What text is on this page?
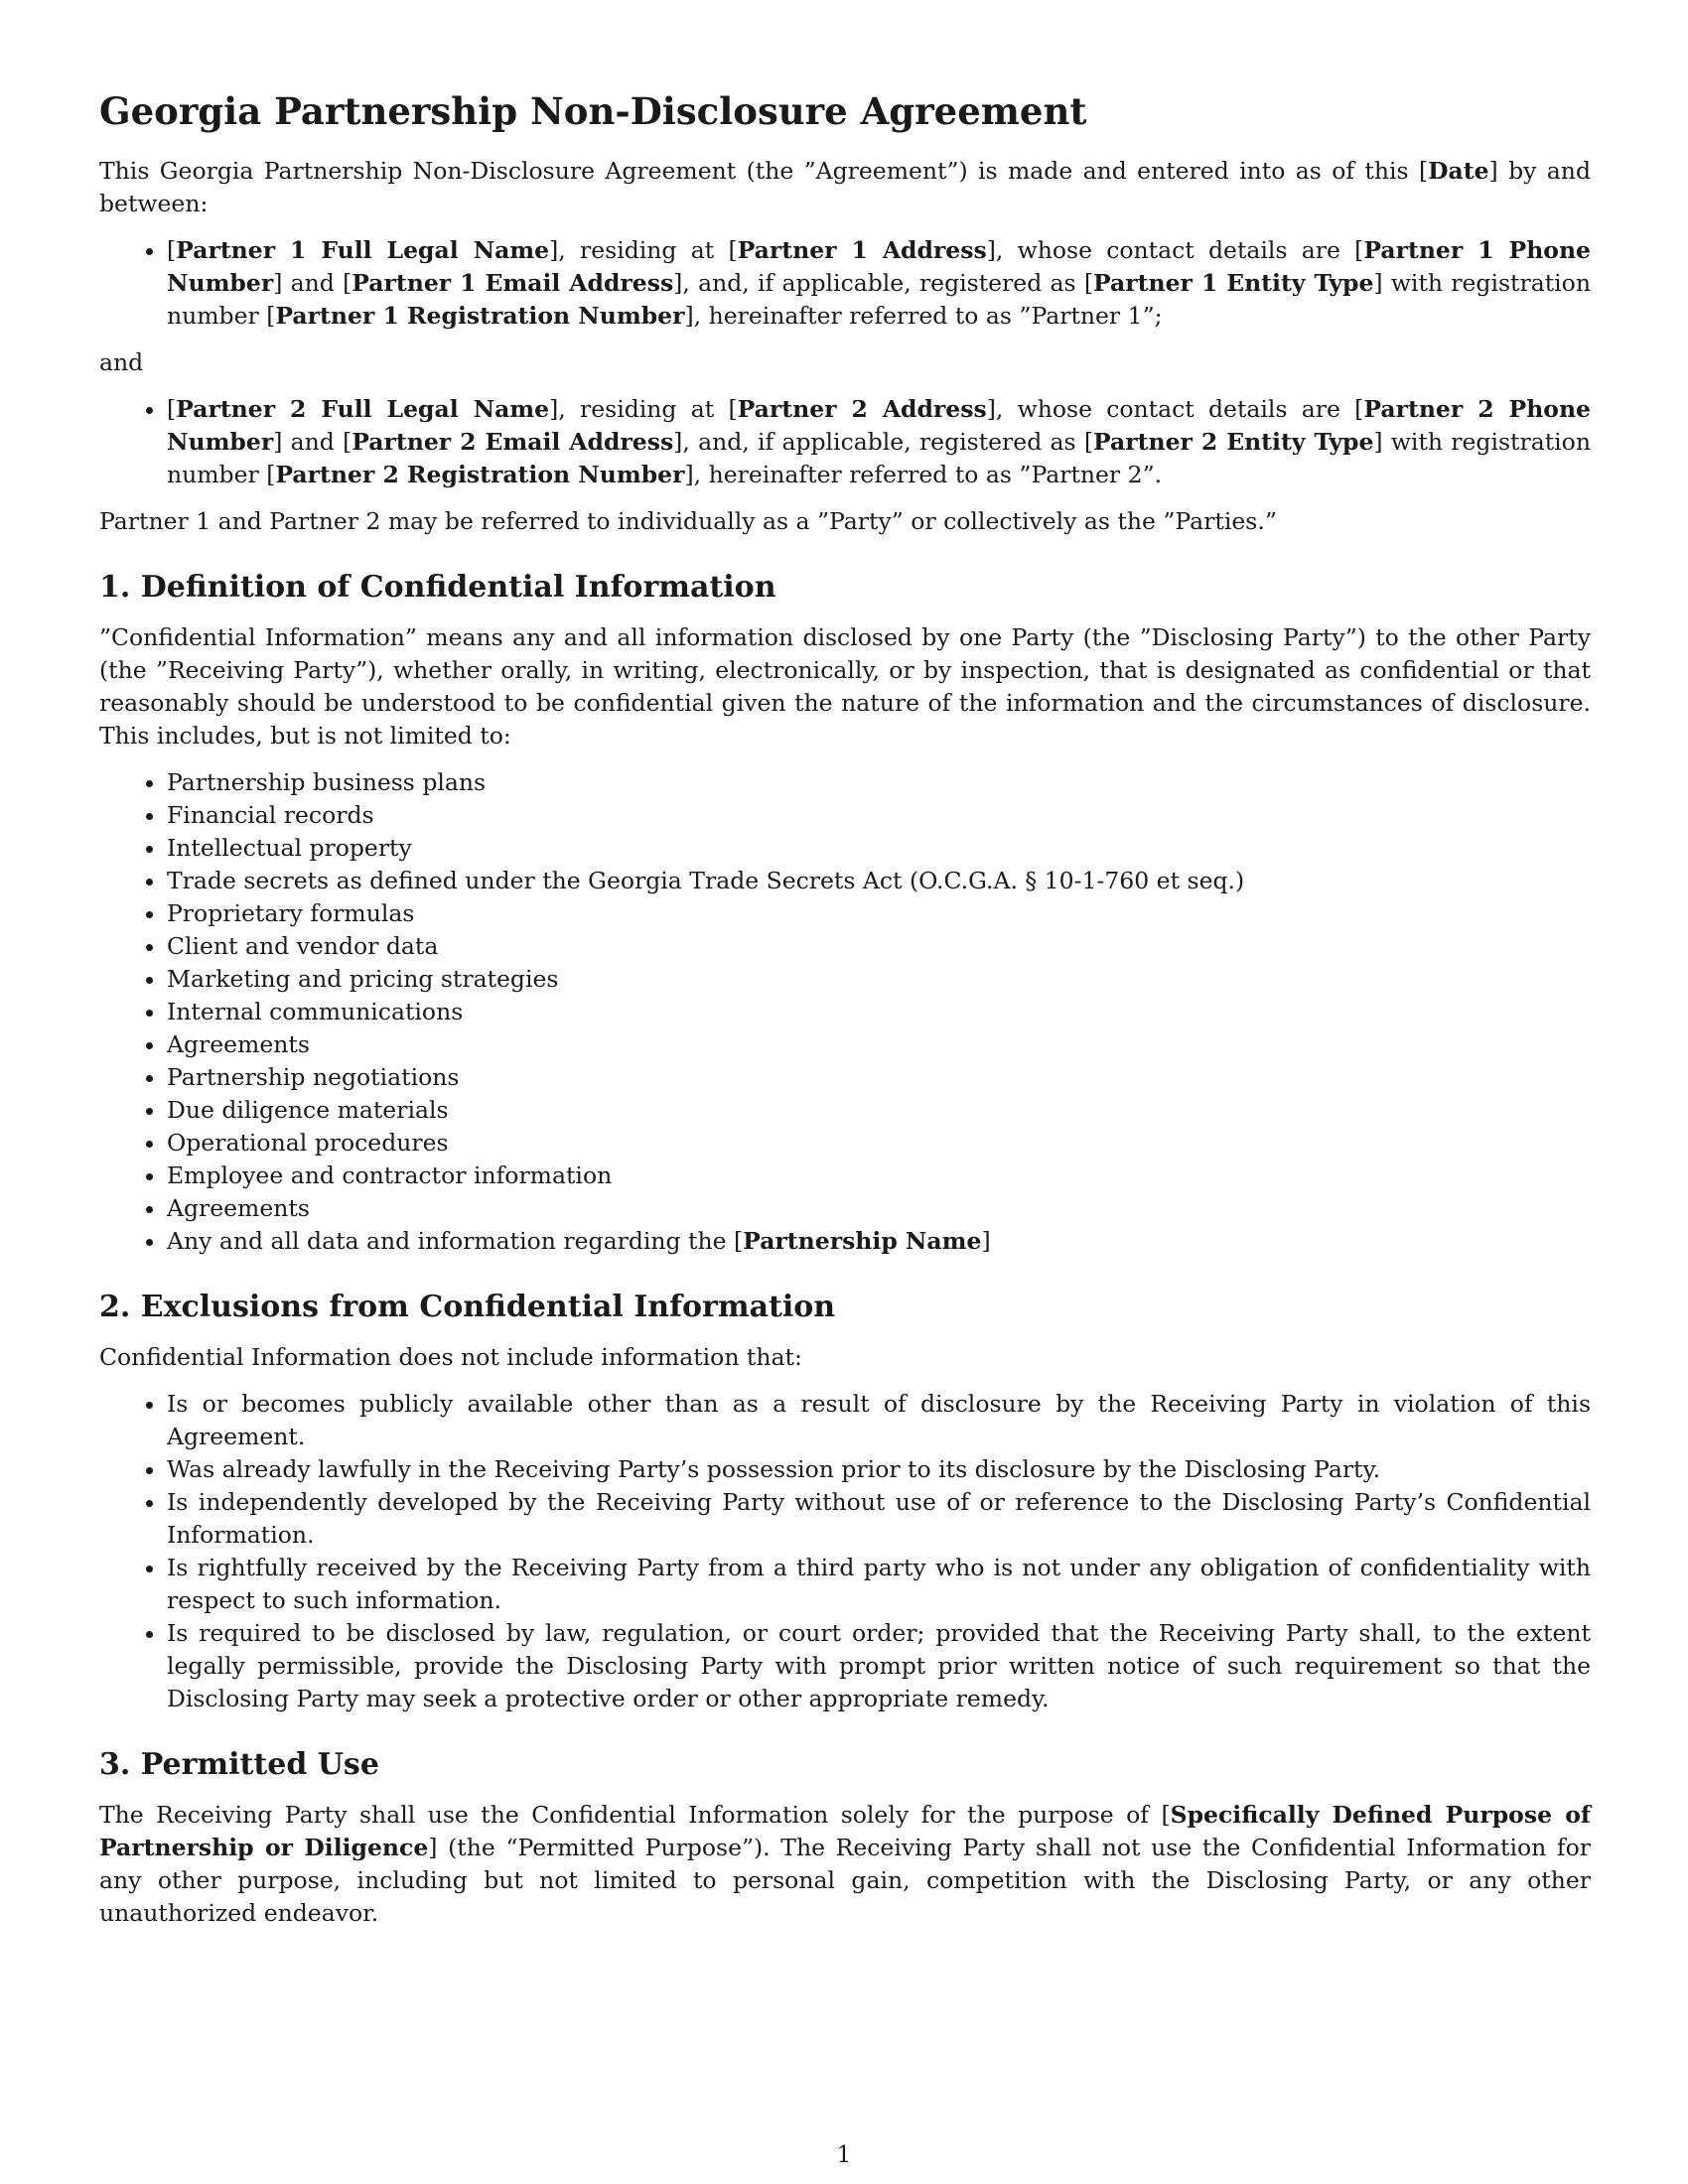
Georgia Partnership Non-Disclosure Agreement

This Georgia Partnership Non-Disclosure Agreement (the ”Agreement”) is made and entered into as of this [Date] by and between:

• [Partner 1 Full Legal Name], residing at [Partner 1 Address], whose contact details are [Partner 1 Phone Number] and [Partner 1 Email Address], and, if applicable, registered as [Partner 1 Entity Type] with registration number [Partner 1 Registration Number], hereinafter referred to as ”Partner 1”;
and
• [Partner 2 Full Legal Name], residing at [Partner 2 Address], whose contact details are [Partner 2 Phone Number] and [Partner 2 Email Address], and, if applicable, registered as [Partner 2 Entity Type] with registration number [Partner 2 Registration Number], hereinafter referred to as ”Partner 2”.

Partner 1 and Partner 2 may be referred to individually as a ”Party” or collectively as the ”Parties.”

1. Definition of Confidential Information

”Confidential Information” means any and all information disclosed by one Party (the ”Disclosing Party”) to the other Party (the ”Receiving Party”), whether orally, in writing, electronically, or by inspection, that is designated as confidential or that reasonably should be understood to be confidential given the nature of the information and the circumstances of disclosure. This includes, but is not limited to:

• Partnership business plans
• Financial records
• Intellectual property
• Trade secrets as defined under the Georgia Trade Secrets Act (O.C.G.A. § 10-1-760 et seq.)
• Proprietary formulas
• Client and vendor data
• Marketing and pricing strategies
• Internal communications
• Agreements
• Partnership negotiations
• Due diligence materials
• Operational procedures
• Employee and contractor information
• Agreements
• Any and all data and information regarding the [Partnership Name]
2. Exclusions from Confidential Information

Confidential Information does not include information that:

• Is or becomes publicly available other than as a result of disclosure by the Receiving Party in violation of this Agreement.
• Was already lawfully in the Receiving Party’s possession prior to its disclosure by the Disclosing Party.
• Is independently developed by the Receiving Party without use of or reference to the Disclosing Party’s Confidential Information.
• Is rightfully received by the Receiving Party from a third party who is not under any obligation of confidentiality with respect to such information.
• Is required to be disclosed by law, regulation, or court order; provided that the Receiving Party shall, to the extent legally permissible, provide the Disclosing Party with prompt prior written notice of such requirement so that the Disclosing Party may seek a protective order or other appropriate remedy.
3. Permitted Use

The Receiving Party shall use the Confidential Information solely for the purpose of [Specifically Defined Purpose of Partnership or Diligence] (the “Permitted Purpose”). The Receiving Party shall not use the Confidential Information for any other purpose, including but not limited to personal gain, competition with the Disclosing Party, or any other unauthorized endeavor.

1
